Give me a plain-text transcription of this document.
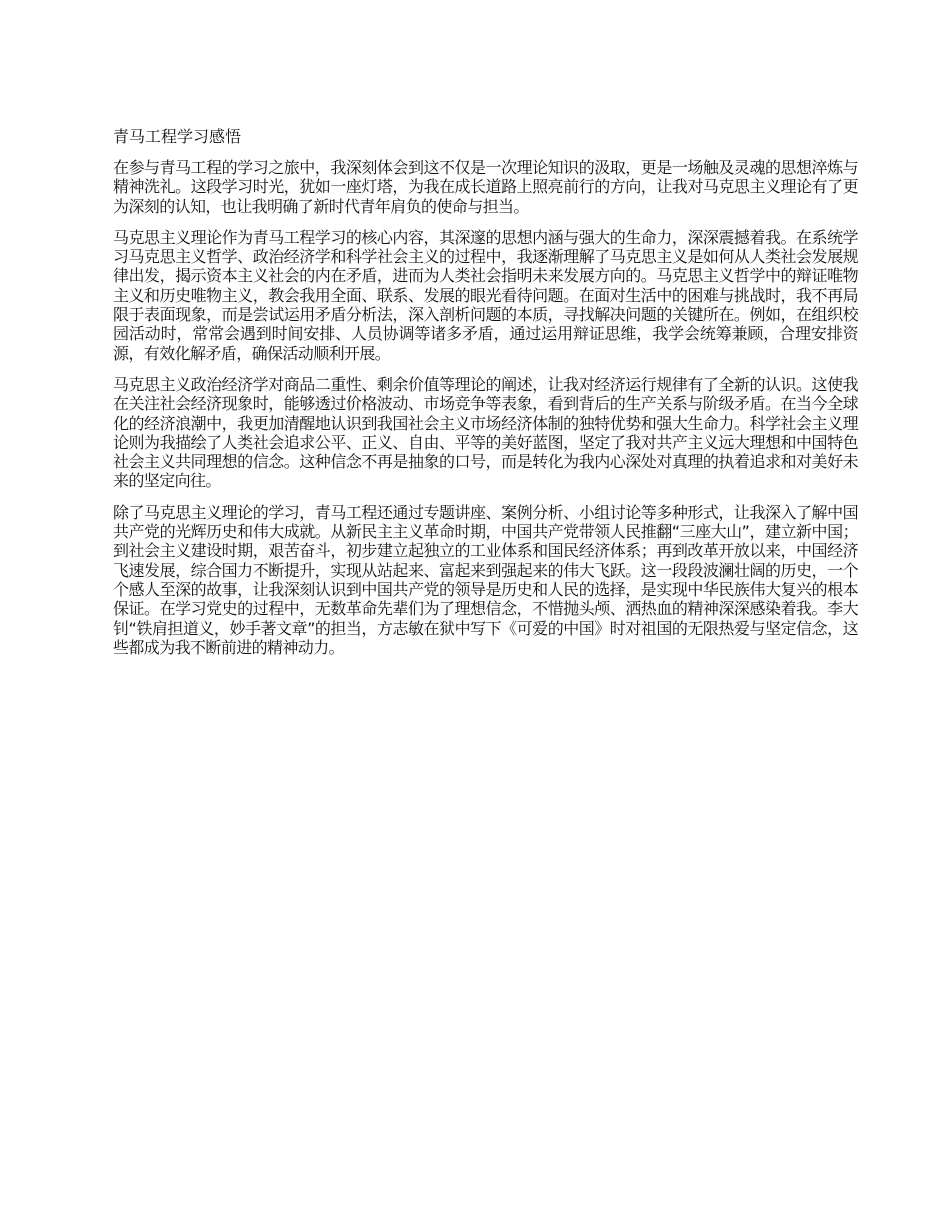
青马工程学习感悟

在参与青马工程的学习之旅中，我深刻体会到这不仅是一次理论知识的汲取，更是一场触及灵魂的思想淬炼与精神洗礼。这段学习时光，犹如一座灯塔，为我在成长道路上照亮前行的方向，让我对马克思主义理论有了更为深刻的认知，也让我明确了新时代青年肩负的使命与担当。

马克思主义理论作为青马工程学习的核心内容，其深邃的思想内涵与强大的生命力，深深震撼着我。在系统学习马克思主义哲学、政治经济学和科学社会主义的过程中，我逐渐理解了马克思主义是如何从人类社会发展规律出发，揭示资本主义社会的内在矛盾，进而为人类社会指明未来发展方向的。马克思主义哲学中的辩证唯物主义和历史唯物主义，教会我用全面、联系、发展的眼光看待问题。在面对生活中的困难与挑战时，我不再局限于表面现象，而是尝试运用矛盾分析法，深入剖析问题的本质，寻找解决问题的关键所在。例如，在组织校园活动时，常常会遇到时间安排、人员协调等诸多矛盾，通过运用辩证思维，我学会统筹兼顾，合理安排资源，有效化解矛盾，确保活动顺利开展。

马克思主义政治经济学对商品二重性、剩余价值等理论的阐述，让我对经济运行规律有了全新的认识。这使我在关注社会经济现象时，能够透过价格波动、市场竞争等表象，看到背后的生产关系与阶级矛盾。在当今全球化的经济浪潮中，我更加清醒地认识到我国社会主义市场经济体制的独特优势和强大生命力。科学社会主义理论则为我描绘了人类社会追求公平、正义、自由、平等的美好蓝图，坚定了我对共产主义远大理想和中国特色社会主义共同理想的信念。这种信念不再是抽象的口号，而是转化为我内心深处对真理的执着追求和对美好未来的坚定向往。

除了马克思主义理论的学习，青马工程还通过专题讲座、案例分析、小组讨论等多种形式，让我深入了解中国共产党的光辉历史和伟大成就。从新民主主义革命时期，中国共产党带领人民推翻“三座大山”，建立新中国；到社会主义建设时期，艰苦奋斗，初步建立起独立的工业体系和国民经济体系；再到改革开放以来，中国经济飞速发展，综合国力不断提升，实现从站起来、富起来到强起来的伟大飞跃。这一段段波澜壮阔的历史，一个个感人至深的故事，让我深刻认识到中国共产党的领导是历史和人民的选择，是实现中华民族伟大复兴的根本保证。在学习党史的过程中，无数革命先辈们为了理想信念，不惜抛头颅、洒热血的精神深深感染着我。李大钊“铁肩担道义，妙手著文章”的担当，方志敏在狱中写下《可爱的中国》时对祖国的无限热爱与坚定信念，这些都成为我不断前进的精神动力。
